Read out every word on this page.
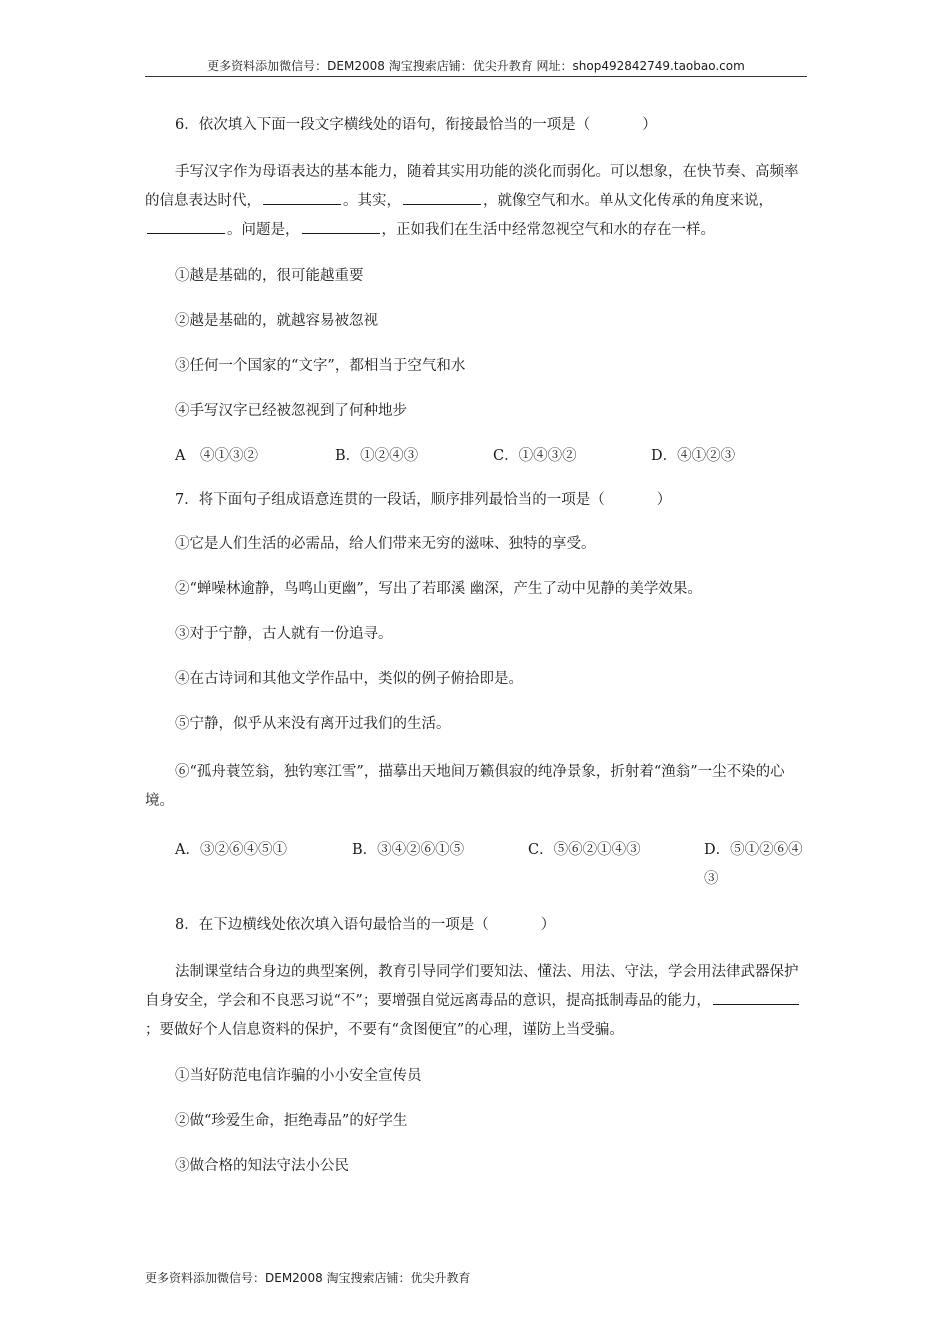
更多资料添加微信号：DEM2008 淘宝搜索店铺：优尖升教育 网址：shop492842749.taobao.com

6．依次填入下面一段文字横线处的语句，衔接最恰当的一项是（	）

手写汉字作为母语表达的基本能力，随着其实用功能的淡化而弱化。可以想象，在快节奏、高频率的信息表达时代，	。其实，	，就像空气和水。单从文化传承的角度来说，。问题是，	，正如我们在生活中经常忽视空气和水的存在一样。

①越是基础的，很可能越重要

②越是基础的，就越容易被忽视

③任何一个国家的“文字”，都相当于空气和水

④手写汉字已经被忽视到了何种地步

A　④①③②	B．①②④③	C．①④③②	D．④①②③

7．将下面句子组成语意连贯的一段话，顺序排列最恰当的一项是（	）

①它是人们生活的必需品，给人们带来无穷的滋味、独特的享受。

②“蝉噪林逾静，鸟鸣山更幽”，写出了若耶溪 幽深，产生了动中见静的美学效果。

③对于宁静，古人就有一份追寻。

④在古诗词和其他文学作品中，类似的例子俯拾即是。

⑤宁静，似乎从来没有离开过我们的生活。

⑥“孤舟蓑笠翁，独钓寒江雪”，描摹出天地间万籁俱寂的纯净景象，折射着“渔翁”一尘不染的心境。

A．③②⑥④⑤①	B．③④②⑥①⑤	C．⑤⑥②①④③	D．⑤①②⑥④③

8．在下边横线处依次填入语句最恰当的一项是（	）

法制课堂结合身边的典型案例，教育引导同学们要知法、懂法、用法、守法，学会用法律武器保护自身安全，学会和不良恶习说“不”；要增强自觉远离毒品的意识，提高抵制毒品的能力，；要做好个人信息资料的保护，不要有“贪图便宜”的心理，谨防上当受骗。

①当好防范电信诈骗的小小安全宣传员

②做“珍爱生命，拒绝毒品”的好学生

③做合格的知法守法小公民

更多资料添加微信号：DEM2008 淘宝搜索店铺：优尖升教育
